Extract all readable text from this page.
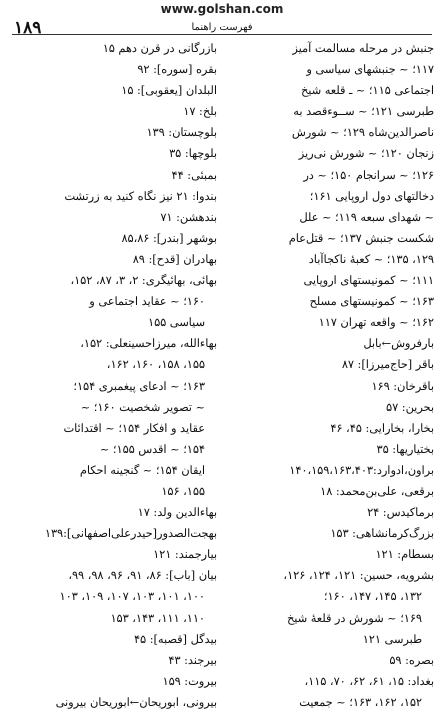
www.golshan.com
۱۸۹	فهرست راهنما
جنبش در مرحله مسالمت آمیز
۱۱۷؛ ~ جنبشهای سیاسی و
اجتماعی ۱۱۵؛ ~ ـ قلعه شیخ
طبرسی ۱۲۱؛ ~ ســوءقصد به
ناصرالدین‌شاه ۱۲۹؛ ~ شورش
زنجان ۱۲۰؛ ~ شورش نی‌ریز
۱۲۶؛ ~ سرانجام ۱۵۰؛ ~ در
دخالتهای دول اروپایی ۱۶۱؛
~ شهدای سبعه ۱۱۹؛ ~ علل
شکست جنبش ۱۳۷؛ ~ قتل‌عام
۱۲۹، ۱۳۵؛ ~ کعبهٔ ناکجاآباد
۱۱۱؛ ~ کمونیستهای اروپایی
۱۶۳؛ ~ کمونیستهای مسلح
۱۶۲؛ ~ واقعه تهران ۱۱۷
بارفروش←بابل
باقر [حاج‌میرزا]: ۸۷
باقرخان: ۱۶۹
بحرین: ۵۷
بخارا، بخارایی: ۴۵، ۴۶
بختیاریها: ۳۵
براون،ادوارد:۱۴۰،۱۵۹،۱۶۳،۴۰۳
برقعی، علی‌بن‌محمد: ۱۸
برماکیدس: ۲۴
بزرگ‌کرمانشاهی: ۱۵۳
بسطام: ۱۲۱
بشرویه، حسین: ۱۲۱، ۱۲۴، ۱۲۶،
۱۳۲، ۱۴۵، ۱۴۷، ۱۶۰؛
۱۶۹؛ ~ شورش در قلعهٔ شیخ
طبرسی ۱۲۱
بصره: ۵۹
بغداد: ۱۵، ۶۱، ۶۲، ۷۰، ۱۱۵،
۱۵۲، ۱۶۲، ۱۶۳؛ ~ جمعیت
بازرگانی در قرن دهم ۱۵
بقره [سوره]: ۹۲
البلدان [یعقوبی]: ۱۵
بلخ: ۱۷
بلوچستان: ۱۳۹
بلوچها: ۳۵
بمبئی: ۴۴
بندوا: ۲۱ نیز نگاه کنید به زرتشت
بندهشن: ۷۱
بوشهر [بندر]: ۸۵،۸۶
بهادران [قدح]: ۸۹
بهائی، بهائیگری: ۲، ۳، ۸۷، ۱۵۲،
۱۶۰؛ ~ عقاید اجتماعی و
سیاسی ۱۵۵
بهاءالله، میرزاحسینعلی: ۱۵۲،
۱۵۵، ۱۵۸، ۱۶۰، ۱۶۲،
۱۶۳؛ ~ ادعای پیغمبری ۱۵۴؛
~ تصویر شخصیت ۱۶۰؛ ~
عقاید و افکار ۱۵۴؛ ~ اقتدائات
۱۵۴؛ ~ اقدس ۱۵۵؛ ~
ایقان ۱۵۴؛ ~ گنجینه احکام
۱۵۵، ۱۵۶
بهاءالدین ولد: ۱۷
بهجت‌الصدور[حیدرعلی‌اصفهانی]:۱۳۹
بیارجمند: ۱۲۱
بیان [باب]: ۸۶، ۹۱، ۹۶، ۹۸، ۹۹،
۱۰۰، ۱۰۱، ۱۰۳، ۱۰۷، ۱۰۹، ۱۰۳
۱۱۰، ۱۱۱، ۱۴۳، ۱۵۳
بیدگل [قصبه]: ۴۵
بیرجند: ۴۳
بیروت: ۱۵۹
بیرونی، ابوریحان←ابوریحان بیرونی
